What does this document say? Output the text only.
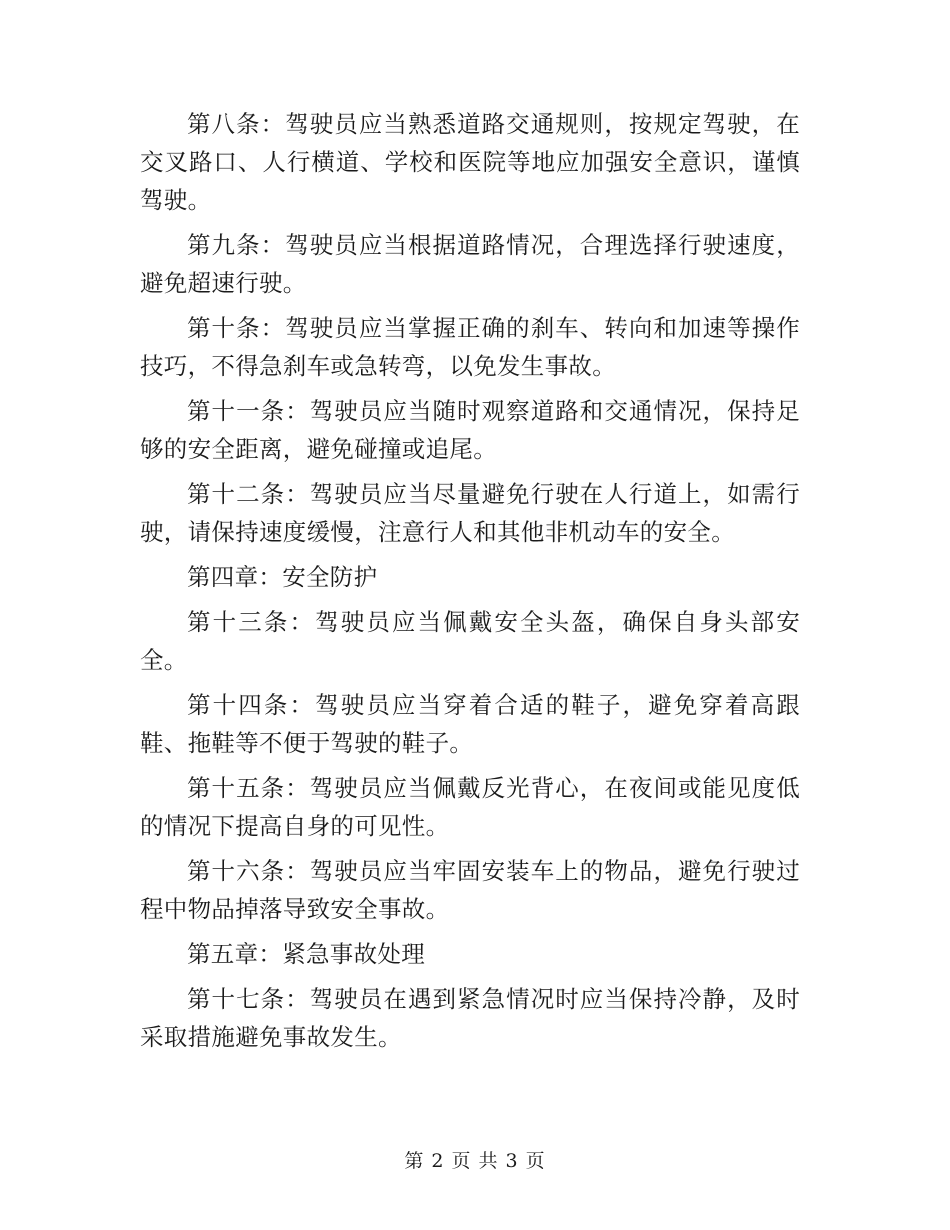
第八条：驾驶员应当熟悉道路交通规则，按规定驾驶，在交叉路口、人行横道、学校和医院等地应加强安全意识，谨慎驾驶。

第九条：驾驶员应当根据道路情况，合理选择行驶速度，避免超速行驶。

第十条：驾驶员应当掌握正确的刹车、转向和加速等操作技巧，不得急刹车或急转弯，以免发生事故。

第十一条：驾驶员应当随时观察道路和交通情况，保持足够的安全距离，避免碰撞或追尾。

第十二条：驾驶员应当尽量避免行驶在人行道上，如需行驶，请保持速度缓慢，注意行人和其他非机动车的安全。

第四章：安全防护

第十三条：驾驶员应当佩戴安全头盔，确保自身头部安全。

第十四条：驾驶员应当穿着合适的鞋子，避免穿着高跟鞋、拖鞋等不便于驾驶的鞋子。

第十五条：驾驶员应当佩戴反光背心，在夜间或能见度低的情况下提高自身的可见性。

第十六条：驾驶员应当牢固安装车上的物品，避免行驶过程中物品掉落导致安全事故。

第五章：紧急事故处理

第十七条：驾驶员在遇到紧急情况时应当保持冷静，及时采取措施避免事故发生。

第 2 页 共 3 页
